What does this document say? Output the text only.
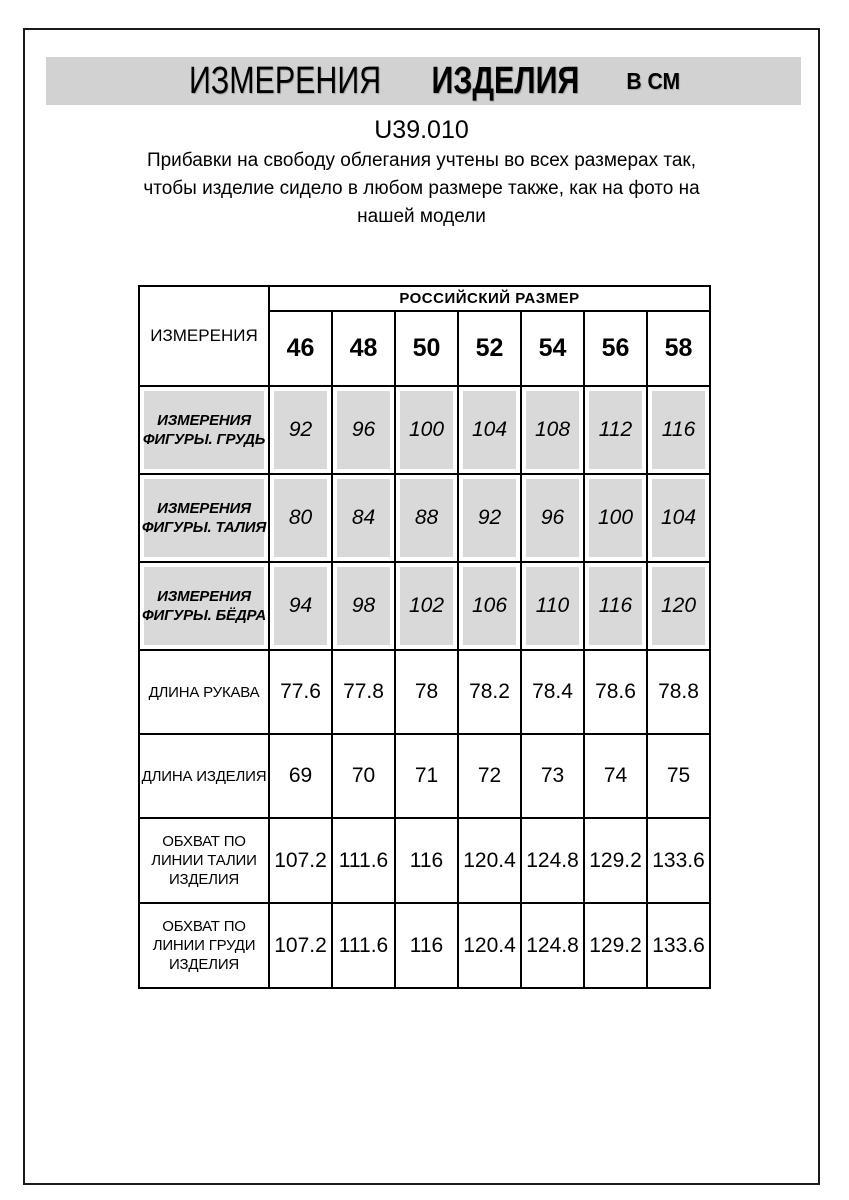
ИЗМЕРЕНИЯ ИЗДЕЛИЯ В СМ
U39.010
Прибавки на свободу облегания учтены во всех размерах так,
чтобы изделие сидело в любом размере также, как на фото на
нашей модели
ИЗМЕРЕНИЯ	РОССИЙСКИЙ РАЗМЕР						
	46	48	50	52	54	56	58
ИЗМЕРЕНИЯ ФИГУРЫ. ГРУДЬ	92	96	100	104	108	112	116
ИЗМЕРЕНИЯ ФИГУРЫ. ТАЛИЯ	80	84	88	92	96	100	104
ИЗМЕРЕНИЯ ФИГУРЫ. БЁДРА	94	98	102	106	110	116	120
ДЛИНА РУКАВА	77.6	77.8	78	78.2	78.4	78.6	78.8
ДЛИНА ИЗДЕЛИЯ	69	70	71	72	73	74	75
ОБХВАТ ПО ЛИНИИ ТАЛИИ ИЗДЕЛИЯ	107.2	111.6	116	120.4	124.8	129.2	133.6
ОБХВАТ ПО ЛИНИИ ГРУДИ ИЗДЕЛИЯ	107.2	111.6	116	120.4	124.8	129.2	133.6
